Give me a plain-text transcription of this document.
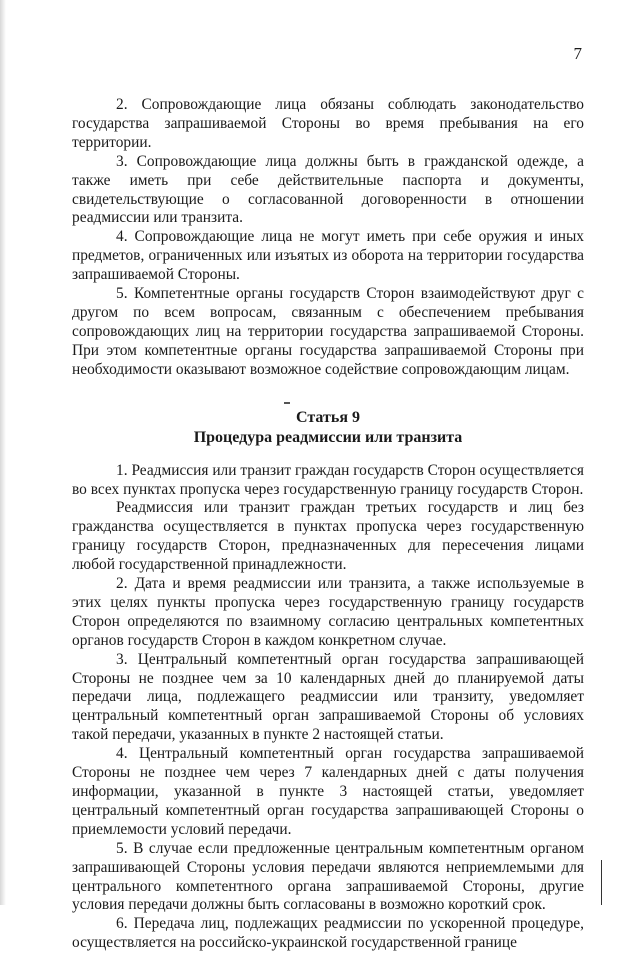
7

2. Сопровождающие лица обязаны соблюдать законодательство государства запрашиваемой Стороны во время пребывания на его территории.

3. Сопровождающие лица должны быть в гражданской одежде, а также иметь при себе действительные паспорта и документы, свидетельствующие о согласованной договоренности в отношении реадмиссии или транзита.

4. Сопровождающие лица не могут иметь при себе оружия и иных предметов, ограниченных или изъятых из оборота на территории государства запрашиваемой Стороны.

5. Компетентные органы государств Сторон взаимодействуют друг с другом по всем вопросам, связанным с обеспечением пребывания сопровождающих лиц на территории государства запрашиваемой Стороны. При этом компетентные органы государства запрашиваемой Стороны при необходимости оказывают возможное содействие сопровождающим лицам.

Статья 9

Процедура реадмиссии или транзита

1. Реадмиссия или транзит граждан государств Сторон осуществляется во всех пунктах пропуска через государственную границу государств Сторон.

Реадмиссия или транзит граждан третьих государств и лиц без гражданства осуществляется в пунктах пропуска через государственную границу государств Сторон, предназначенных для пересечения лицами любой государственной принадлежности.

2. Дата и время реадмиссии или транзита, а также используемые в этих целях пункты пропуска через государственную границу государств Сторон определяются по взаимному согласию центральных компетентных органов государств Сторон в каждом конкретном случае.

3. Центральный компетентный орган государства запрашивающей Стороны не позднее чем за 10 календарных дней до планируемой даты передачи лица, подлежащего реадмиссии или транзиту, уведомляет центральный компетентный орган запрашиваемой Стороны об условиях такой передачи, указанных в пункте 2 настоящей статьи.

4. Центральный компетентный орган государства запрашиваемой Стороны не позднее чем через 7 календарных дней с даты получения информации, указанной в пункте 3 настоящей статьи, уведомляет центральный компетентный орган государства запрашивающей Стороны о приемлемости условий передачи.

5. В случае если предложенные центральным компетентным органом запрашивающей Стороны условия передачи являются неприемлемыми для центрального компетентного органа запрашиваемой Стороны, другие условия передачи должны быть согласованы в возможно короткий срок.

6. Передача лиц, подлежащих реадмиссии по ускоренной процедуре, осуществляется на российско-украинской государственной границе
